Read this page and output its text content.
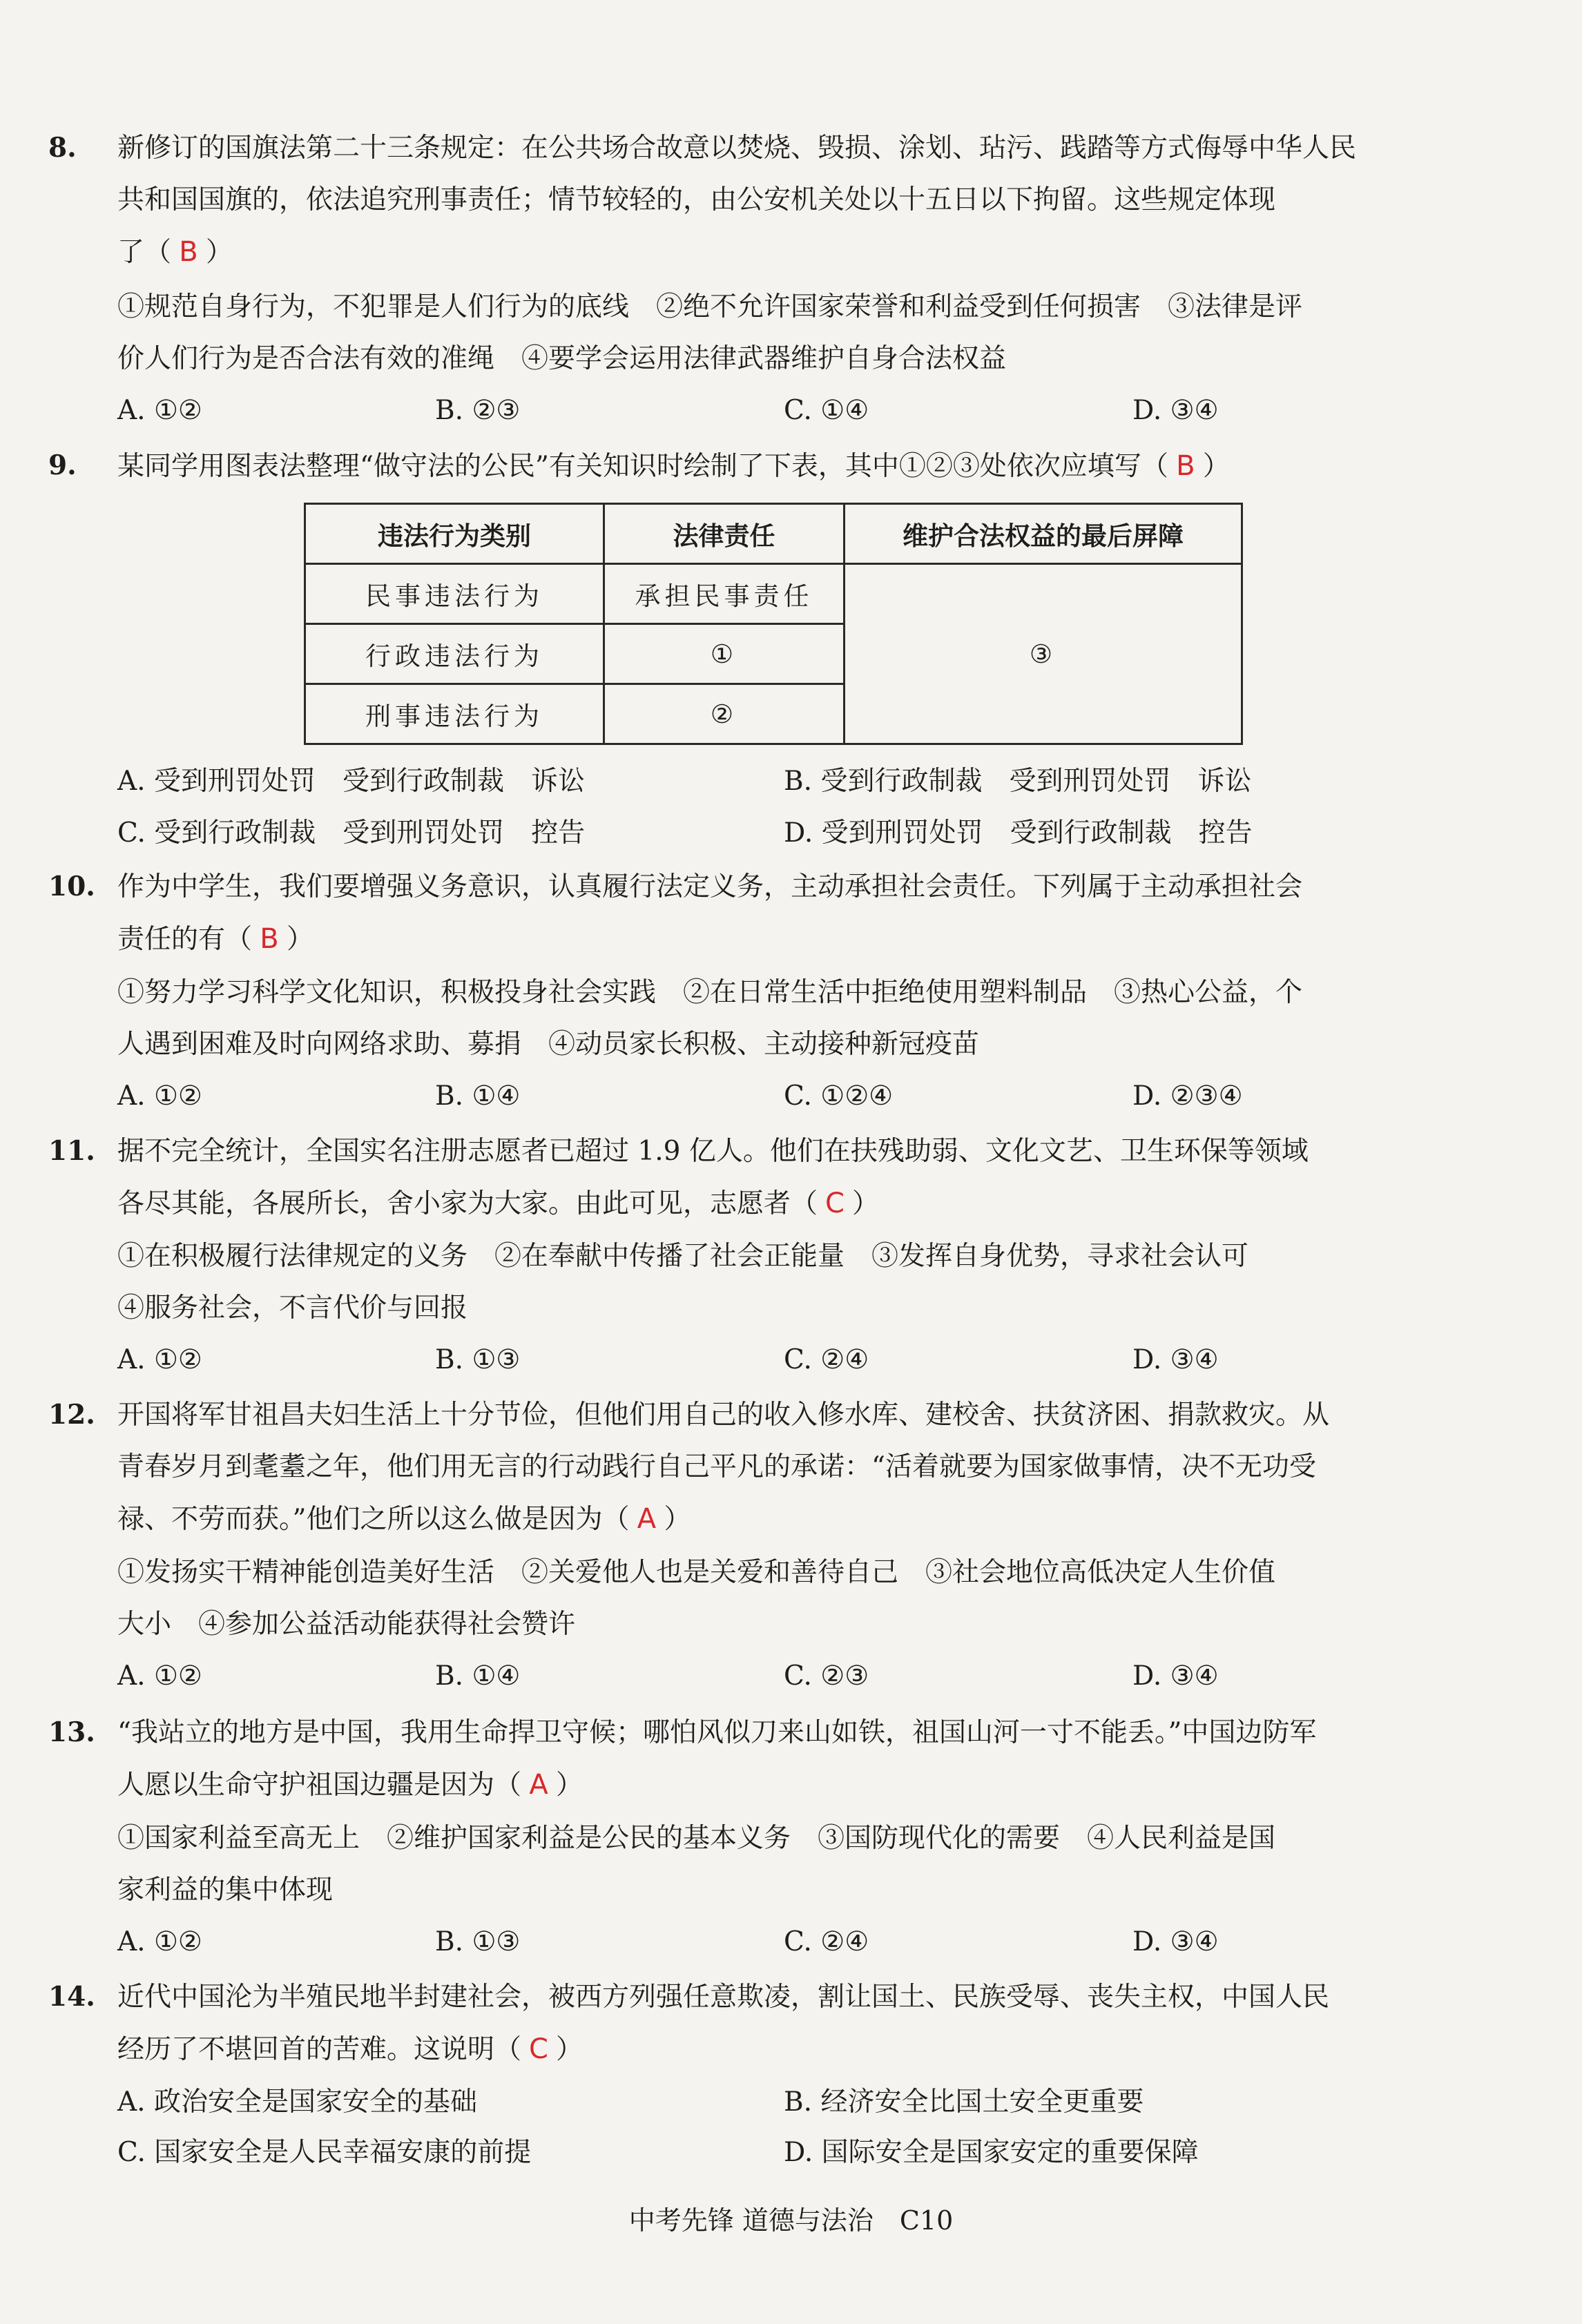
8. 新修订的国旗法第二十三条规定：在公共场合故意以焚烧、毁损、涂划、玷污、践踏等方式侮辱中华人民
共和国国旗的，依法追究刑事责任；情节较轻的，由公安机关处以十五日以下拘留。这些规定体现
了（ B ）
①规范自身行为，不犯罪是人们行为的底线　②绝不允许国家荣誉和利益受到任何损害　③法律是评
价人们行为是否合法有效的准绳　④要学会运用法律武器维护自身合法权益
A. ①②	B. ②③	C. ①④	D. ③④
9. 某同学用图表法整理“做守法的公民”有关知识时绘制了下表，其中①②③处依次应填写（ B ）
违法行为类别	法律责任	维护合法权益的最后屏障
民事违法行为	承担民事责任	③
行政违法行为	①	
刑事违法行为	②	
A. 受到刑罚处罚　受到行政制裁　诉讼	B. 受到行政制裁　受到刑罚处罚　诉讼
C. 受到行政制裁　受到刑罚处罚　控告	D. 受到刑罚处罚　受到行政制裁　控告
10. 作为中学生，我们要增强义务意识，认真履行法定义务，主动承担社会责任。下列属于主动承担社会
责任的有（ B ）
①努力学习科学文化知识，积极投身社会实践　②在日常生活中拒绝使用塑料制品　③热心公益，个
人遇到困难及时向网络求助、募捐　④动员家长积极、主动接种新冠疫苗
A. ①②	B. ①④	C. ①②④	D. ②③④
11. 据不完全统计，全国实名注册志愿者已超过 1.9 亿人。他们在扶残助弱、文化文艺、卫生环保等领域
各尽其能，各展所长，舍小家为大家。由此可见，志愿者（ C ）
①在积极履行法律规定的义务　②在奉献中传播了社会正能量　③发挥自身优势，寻求社会认可
④服务社会，不言代价与回报
A. ①②	B. ①③	C. ②④	D. ③④
12. 开国将军甘祖昌夫妇生活上十分节俭，但他们用自己的收入修水库、建校舍、扶贫济困、捐款救灾。从
青春岁月到耄耋之年，他们用无言的行动践行自己平凡的承诺：“活着就要为国家做事情，决不无功受
禄、不劳而获。”他们之所以这么做是因为（ A ）
①发扬实干精神能创造美好生活　②关爱他人也是关爱和善待自己　③社会地位高低决定人生价值
大小　④参加公益活动能获得社会赞许
A. ①②	B. ①④	C. ②③	D. ③④
13. “我站立的地方是中国，我用生命捍卫守候；哪怕风似刀来山如铁，祖国山河一寸不能丢。”中国边防军
人愿以生命守护祖国边疆是因为（ A ）
①国家利益至高无上　②维护国家利益是公民的基本义务　③国防现代化的需要　④人民利益是国
家利益的集中体现
A. ①②	B. ①③	C. ②④	D. ③④
14. 近代中国沦为半殖民地半封建社会，被西方列强任意欺凌，割让国土、民族受辱、丧失主权，中国人民
经历了不堪回首的苦难。这说明（ C ）
A. 政治安全是国家安全的基础	B. 经济安全比国土安全更重要
C. 国家安全是人民幸福安康的前提	D. 国际安全是国家安定的重要保障
中考先锋 道德与法治　C10
